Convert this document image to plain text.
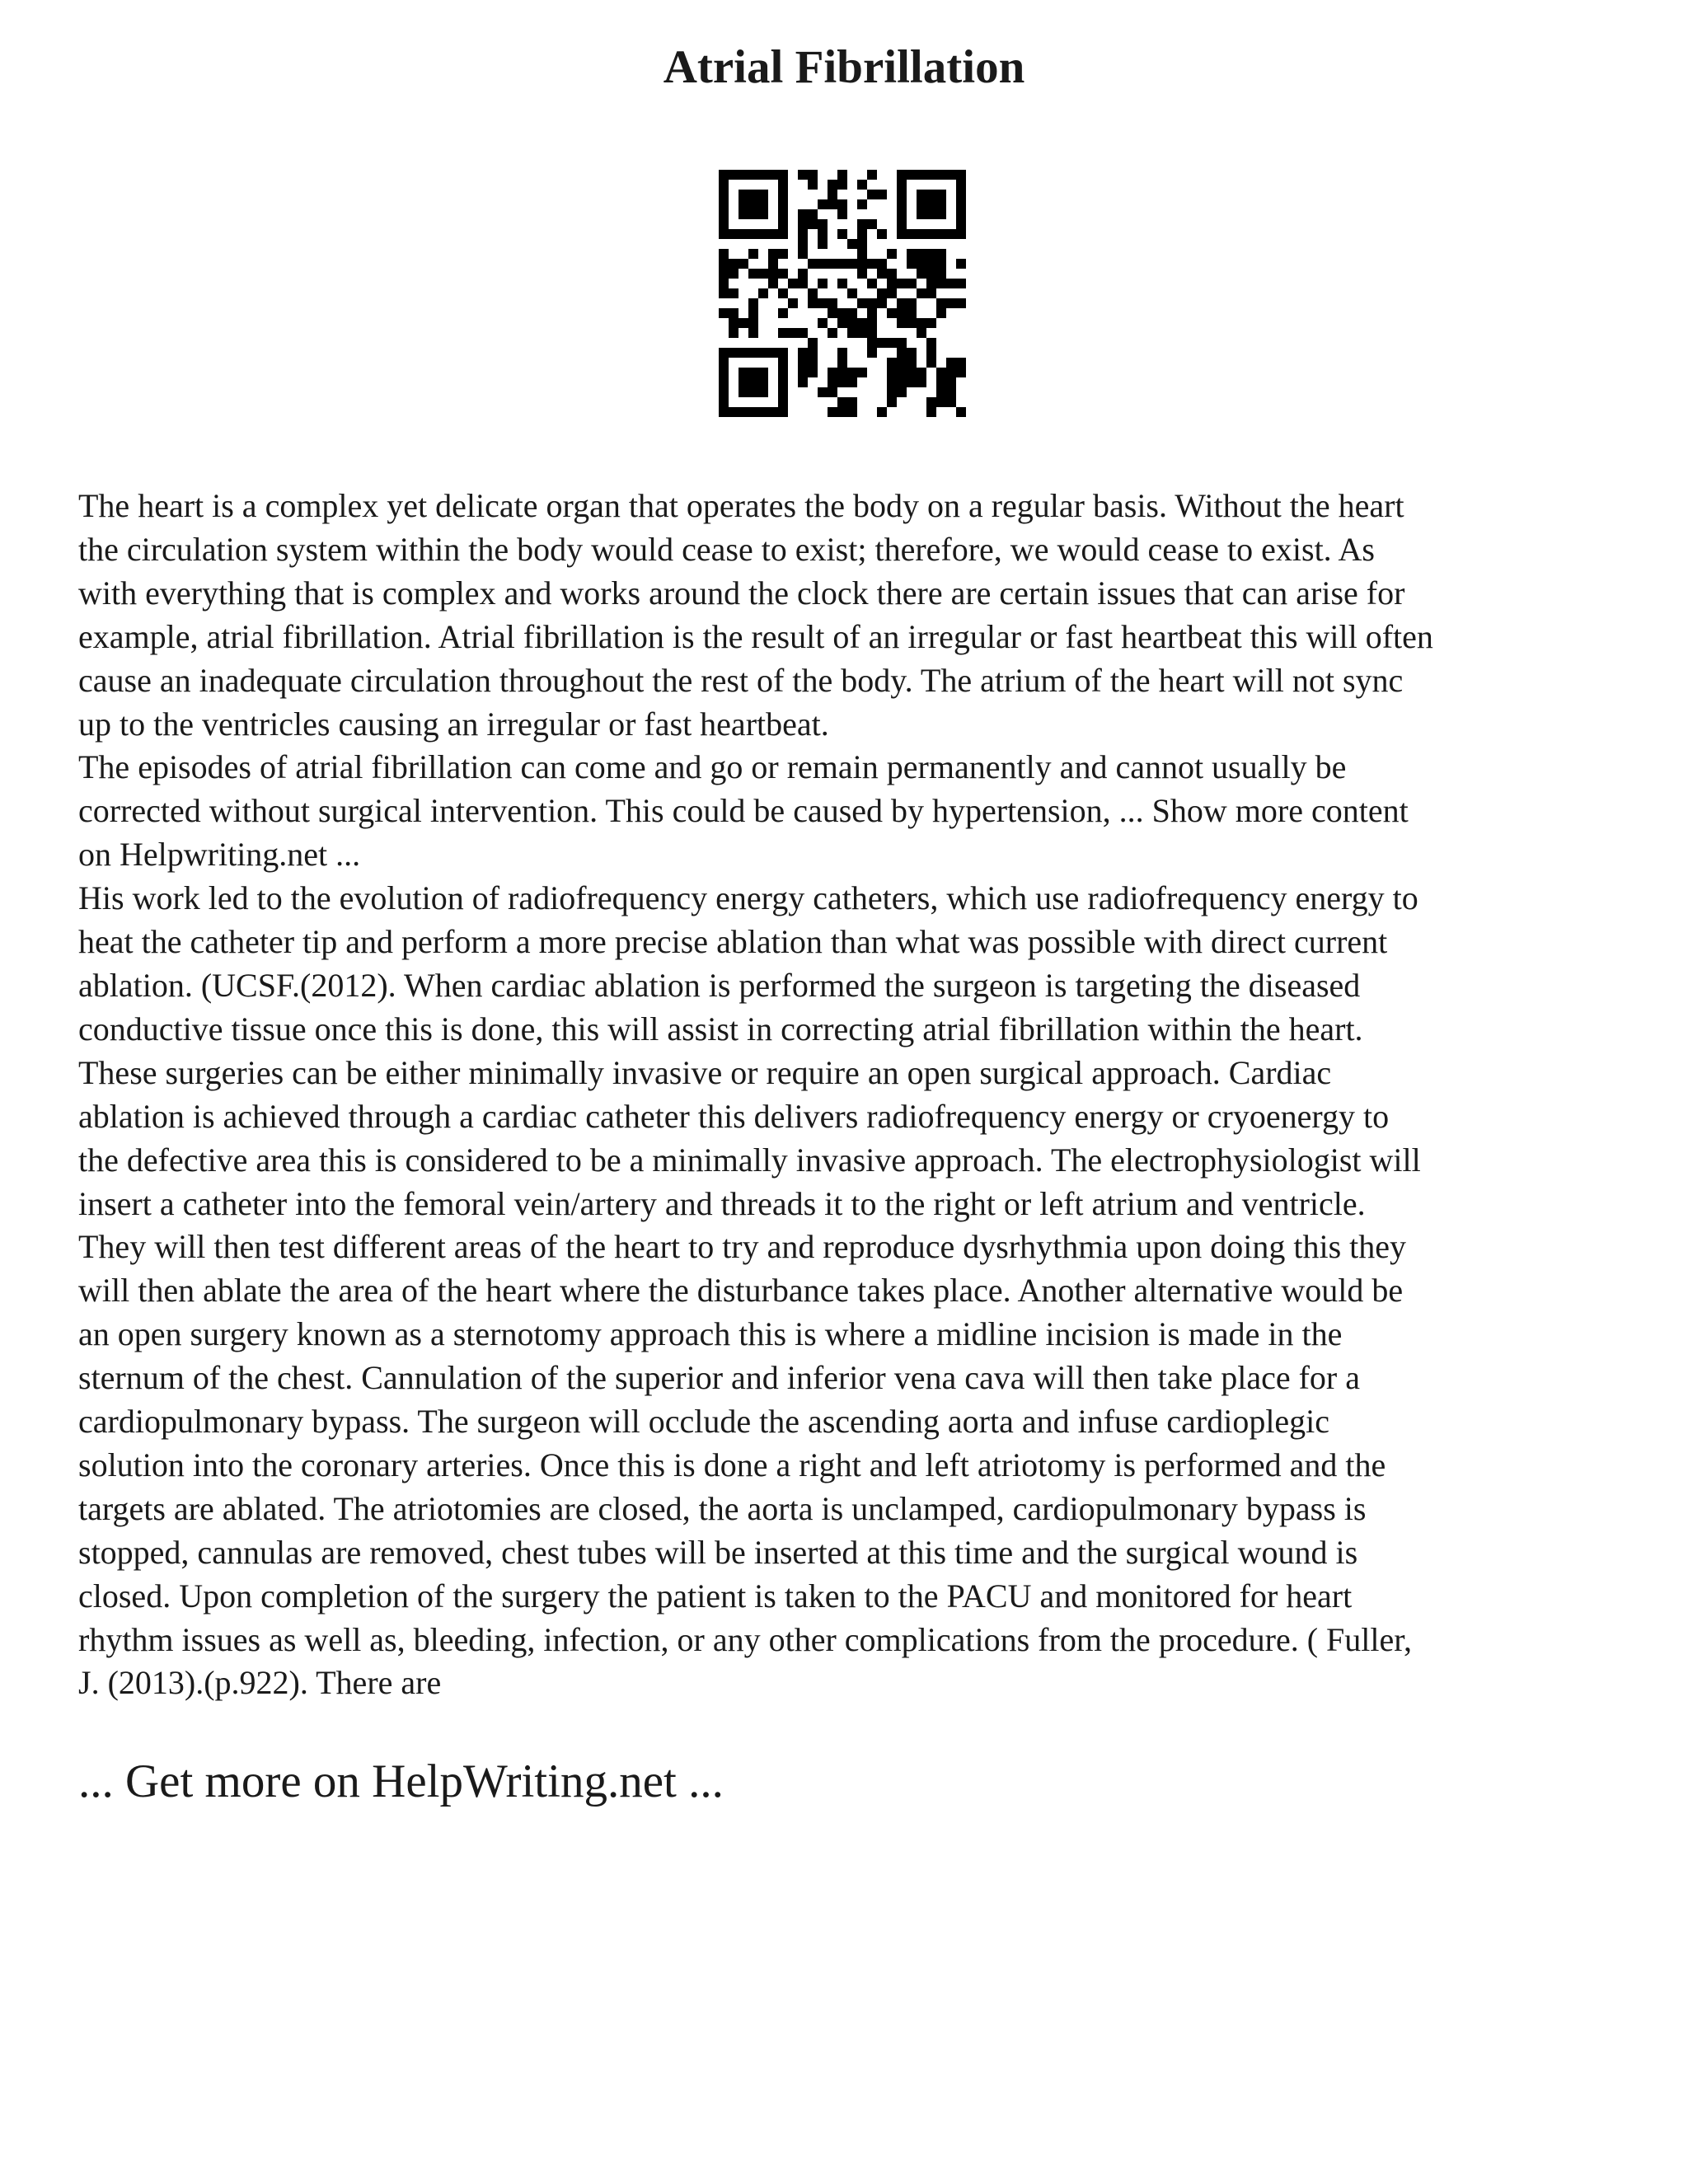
Atrial Fibrillation

The heart is a complex yet delicate organ that operates the body on a regular basis. Without the heart
the circulation system within the body would cease to exist; therefore, we would cease to exist. As
with everything that is complex and works around the clock there are certain issues that can arise for
example, atrial fibrillation. Atrial fibrillation is the result of an irregular or fast heartbeat this will often
cause an inadequate circulation throughout the rest of the body. The atrium of the heart will not sync
up to the ventricles causing an irregular or fast heartbeat.

The episodes of atrial fibrillation can come and go or remain permanently and cannot usually be
corrected without surgical intervention. This could be caused by hypertension, ... Show more content
on Helpwriting.net ...

His work led to the evolution of radiofrequency energy catheters, which use radiofrequency energy to
heat the catheter tip and perform a more precise ablation than what was possible with direct current
ablation. (UCSF.(2012). When cardiac ablation is performed the surgeon is targeting the diseased
conductive tissue once this is done, this will assist in correcting atrial fibrillation within the heart.
These surgeries can be either minimally invasive or require an open surgical approach. Cardiac
ablation is achieved through a cardiac catheter this delivers radiofrequency energy or cryoenergy to
the defective area this is considered to be a minimally invasive approach. The electrophysiologist will
insert a catheter into the femoral vein/artery and threads it to the right or left atrium and ventricle.
They will then test different areas of the heart to try and reproduce dysrhythmia upon doing this they
will then ablate the area of the heart where the disturbance takes place. Another alternative would be
an open surgery known as a sternotomy approach this is where a midline incision is made in the
sternum of the chest. Cannulation of the superior and inferior vena cava will then take place for a
cardiopulmonary bypass. The surgeon will occlude the ascending aorta and infuse cardioplegic
solution into the coronary arteries. Once this is done a right and left atriotomy is performed and the
targets are ablated. The atriotomies are closed, the aorta is unclamped, cardiopulmonary bypass is
stopped, cannulas are removed, chest tubes will be inserted at this time and the surgical wound is
closed. Upon completion of the surgery the patient is taken to the PACU and monitored for heart
rhythm issues as well as, bleeding, infection, or any other complications from the procedure. ( Fuller,
J. (2013).(p.922). There are

... Get more on HelpWriting.net ...
